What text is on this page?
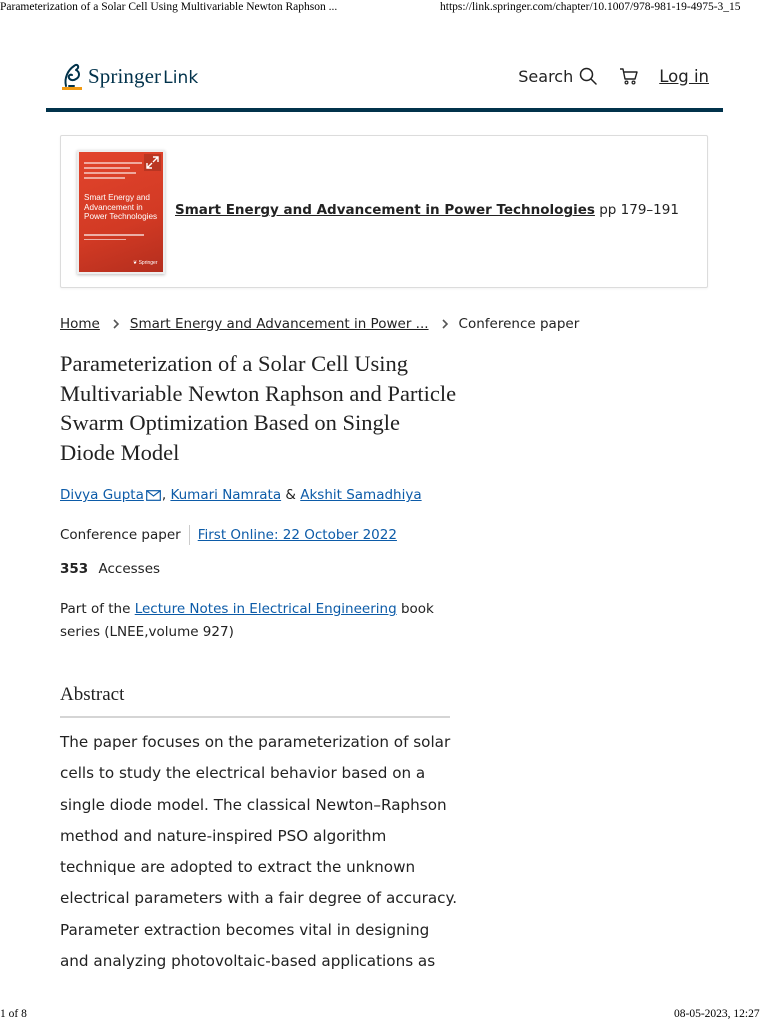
Parameterization of a Solar Cell Using Multivariable Newton Raphson ...	https://link.springer.com/chapter/10.1007/978-981-19-4975-3_15
Springer Link	Search	Log in
Smart Energy and Advancement in Power Technologies
❦ Springer
Smart Energy and Advancement in Power Technologies pp 179–191
Home Smart Energy and Advancement in Power ... Conference paper
Parameterization of a Solar Cell Using Multivariable Newton Raphson and Particle Swarm Optimization Based on Single Diode Model
Divya Gupta ,
Kumari Namrata
&
Akshit Samadhiya
Conference paper First Online: 22 October 2022
353 Accesses
Part of the Lecture Notes in Electrical Engineering book series (LNEE,volume 927)
Abstract

The paper focuses on the parameterization of solar cells to study the electrical behavior based on a single diode model. The classical Newton–Raphson method and nature-inspired PSO algorithm technique are adopted to extract the unknown electrical parameters with a fair degree of accuracy. Parameter extraction becomes vital in designing and analyzing photovoltaic-based applications as

1 of 8	08-05-2023, 12:27
